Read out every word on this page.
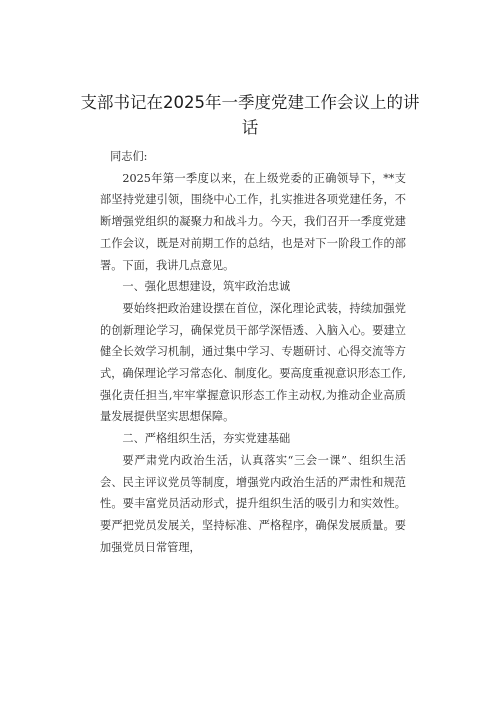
支部书记在2025年一季度党建工作会议上的讲话

同志们:

2025年第一季度以来，在上级党委的正确领导下，**支部坚持党建引领，围绕中心工作，扎实推进各项党建任务，不断增强党组织的凝聚力和战斗力。今天，我们召开一季度党建工作会议，既是对前期工作的总结，也是对下一阶段工作的部署。下面，我讲几点意见。

一、强化思想建设，筑牢政治忠诚

要始终把政治建设摆在首位，深化理论武装，持续加强党的创新理论学习，确保党员干部学深悟透、入脑入心。要建立健全长效学习机制，通过集中学习、专题研讨、心得交流等方式，确保理论学习常态化、制度化。要高度重视意识形态工作,强化责任担当,牢牢掌握意识形态工作主动权,为推动企业高质量发展提供坚实思想保障。

二、严格组织生活，夯实党建基础

要严肃党内政治生活，认真落实“三会一课”、组织生活会、民主评议党员等制度，增强党内政治生活的严肃性和规范性。要丰富党员活动形式，提升组织生活的吸引力和实效性。要严把党员发展关，坚持标准、严格程序，确保发展质量。要加强党员日常管理，
